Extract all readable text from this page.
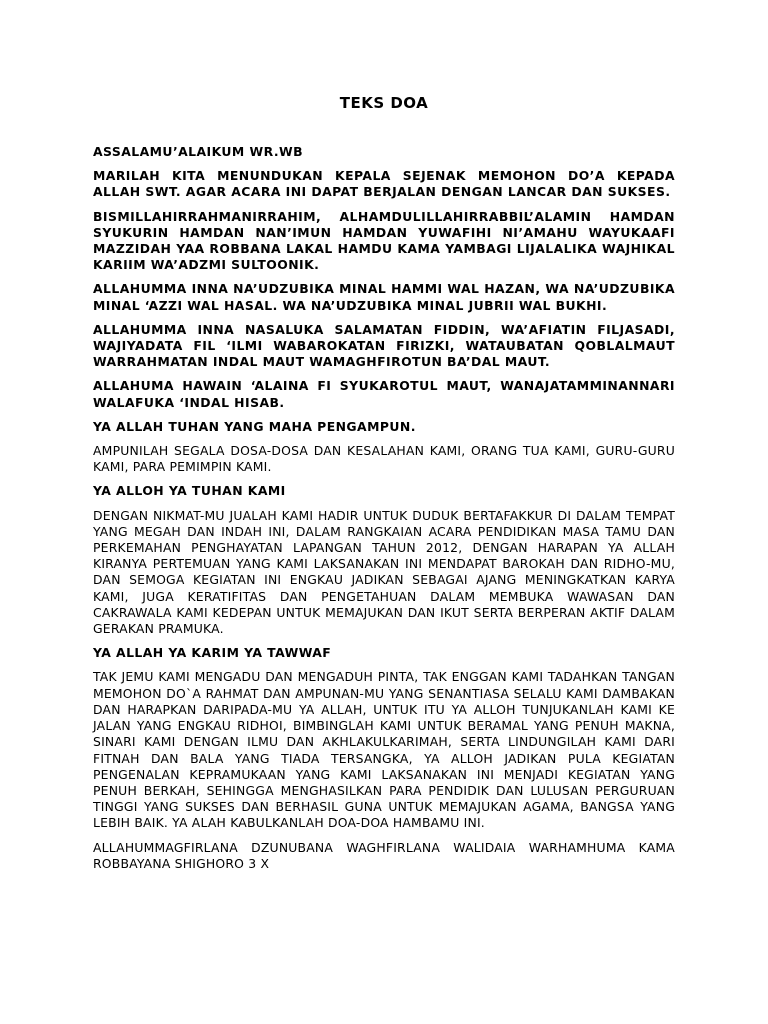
TEKS DOA

ASSALAMU’ALAIKUM WR.WB

MARILAH KITA MENUNDUKAN KEPALA SEJENAK MEMOHON DO’A KEPADA ALLAH SWT. AGAR ACARA INI DAPAT BERJALAN DENGAN LANCAR DAN SUKSES.

BISMILLAHIRRAHMANIRRAHIM, ALHAMDULILLAHIRRABBIL’ALAMIN HAMDAN SYUKURIN HAMDAN NAN’IMUN HAMDAN YUWAFIHI NI’AMAHU WAYUKAAFI MAZZIDAH YAA ROBBANA LAKAL HAMDU KAMA YAMBAGI LIJALALIKA WAJHIKAL KARIIM WA’ADZMI SULTOONIK.

ALLAHUMMA INNA NA’UDZUBIKA MINAL HAMMI WAL HAZAN, WA NA’UDZUBIKA MINAL ‘AZZI WAL HASAL. WA NA’UDZUBIKA MINAL JUBRII WAL BUKHI.

ALLAHUMMA INNA NASALUKA SALAMATAN FIDDIN, WA’AFIATIN FILJASADI, WAJIYADATA FIL ‘ILMI WABAROKATAN FIRIZKI, WATAUBATAN QOBLALMAUT WARRAHMATAN INDAL MAUT WAMAGHFIROTUN BA’DAL MAUT.

ALLAHUMA HAWAIN ‘ALAINA FI SYUKAROTUL MAUT, WANAJATAMMINANNARI WALAFUKA ‘INDAL HISAB.

YA ALLAH TUHAN YANG MAHA PENGAMPUN.

AMPUNILAH SEGALA DOSA-DOSA DAN KESALAHAN KAMI, ORANG TUA KAMI, GURU-GURU KAMI, PARA PEMIMPIN KAMI.

YA ALLOH YA TUHAN KAMI

DENGAN NIKMAT-MU JUALAH KAMI HADIR UNTUK DUDUK BERTAFAKKUR DI DALAM TEMPAT YANG MEGAH DAN INDAH INI, DALAM RANGKAIAN ACARA PENDIDIKAN MASA TAMU DAN PERKEMAHAN PENGHAYATAN LAPANGAN TAHUN 2012, DENGAN HARAPAN YA ALLAH KIRANYA PERTEMUAN YANG KAMI LAKSANAKAN INI MENDAPAT BAROKAH DAN RIDHO-MU, DAN SEMOGA KEGIATAN INI ENGKAU JADIKAN SEBAGAI AJANG MENINGKATKAN KARYA KAMI, JUGA KERATIFITAS DAN PENGETAHUAN DALAM MEMBUKA WAWASAN DAN CAKRAWALA KAMI KEDEPAN UNTUK MEMAJUKAN DAN IKUT SERTA BERPERAN AKTIF DALAM GERAKAN PRAMUKA.

YA ALLAH YA KARIM YA TAWWAF

TAK JEMU KAMI MENGADU DAN MENGADUH PINTA, TAK ENGGAN KAMI TADAHKAN TANGAN MEMOHON DO`A RAHMAT DAN AMPUNAN-MU YANG SENANTIASA SELALU KAMI DAMBAKAN DAN HARAPKAN DARIPADA-MU YA ALLAH, UNTUK ITU YA ALLOH TUNJUKANLAH KAMI KE JALAN YANG ENGKAU RIDHOI, BIMBINGLAH KAMI UNTUK BERAMAL YANG PENUH MAKNA, SINARI KAMI DENGAN ILMU DAN AKHLAKULKARIMAH, SERTA LINDUNGILAH KAMI DARI FITNAH DAN BALA YANG TIADA TERSANGKA, YA ALLOH JADIKAN PULA KEGIATAN PENGENALAN KEPRAMUKAAN YANG KAMI LAKSANAKAN INI MENJADI KEGIATAN YANG PENUH BERKAH, SEHINGGA MENGHASILKAN PARA PENDIDIK DAN LULUSAN PERGURUAN TINGGI YANG SUKSES DAN BERHASIL GUNA UNTUK MEMAJUKAN AGAMA, BANGSA YANG LEBIH BAIK. YA ALAH KABULKANLAH DOA-DOA HAMBAMU INI.

ALLAHUMMAGFIRLANA DZUNUBANA WAGHFIRLANA WALIDAIA WARHAMHUMA KAMA ROBBAYANA SHIGHORO 3 X
